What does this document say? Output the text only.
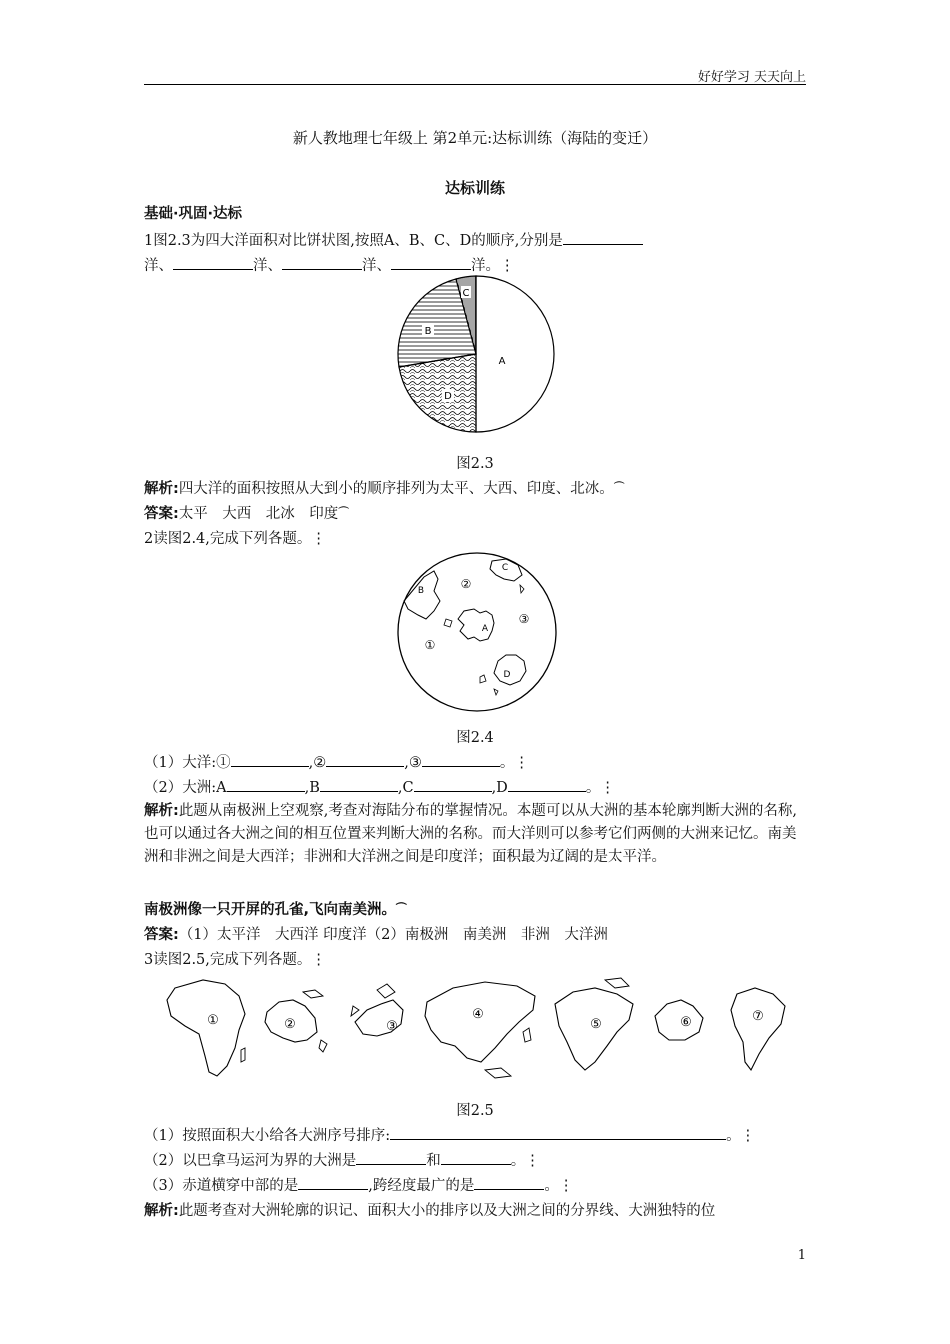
好好学习 天天向上
新人教地理七年级上 第2单元:达标训练（海陆的变迁）
达标训练
基础·巩固·达标
1图2.3为四大洋面积对比饼状图,按照A、B、C、D的顺序,分别是
洋、	洋、	洋、	洋。⋮
C
B
A
D
图2.3
解析:四大洋的面积按照从大到小的顺序排列为太平、大西、印度、北冰。⏜
答案:太平　大西　北冰　印度⏜
2读图2.4,完成下列各题。⋮
②
③
①
B
C
A
D
图2.4
（1）大洋:①	,②	,③	。⋮
（2）大洲:A	,B	,C	,D	。⋮
解析:此题从南极洲上空观察,考查对海陆分布的掌握情况。本题可以从大洲的基本轮廓判断大洲的名称,也可以通过各大洲之间的相互位置来判断大洲的名称。而大洋则可以参考它们两侧的大洲来记忆。南美洲和非洲之间是大西洋；非洲和大洋洲之间是印度洋；面积最为辽阔的是太平洋。
南极洲像一只开屏的孔雀,飞向南美洲。⏜
答案:（1）太平洋　大西洋 印度洋（2）南极洲　南美洲　非洲　大洋洲
3读图2.5,完成下列各题。⋮
①	②	③
④
⑤	⑥	⑦
图2.5
（1）按照面积大小给各大洲序号排序:	。⋮
（2）以巴拿马运河为界的大洲是	和	。⋮
（3）赤道横穿中部的是	,跨经度最广的是	。⋮
解析:此题考查对大洲轮廓的识记、面积大小的排序以及大洲之间的分界线、大洲独特的位
1
